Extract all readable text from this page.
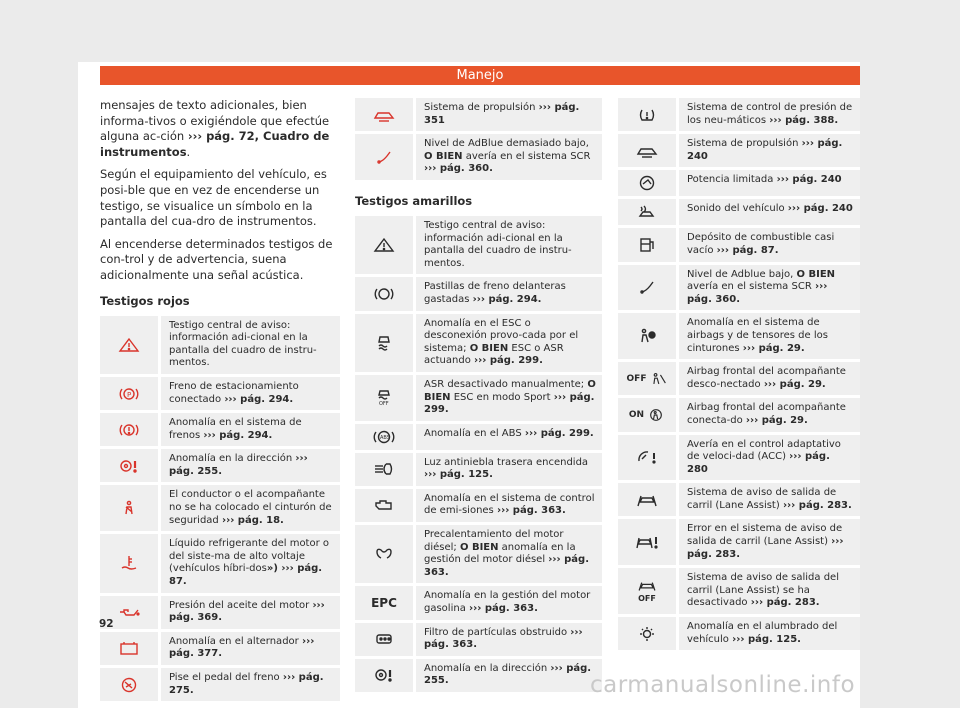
Manejo

mensajes de texto adicionales, bien informa-tivos o exigiéndole que efectúe alguna ac-ción ››› pág. 72, Cuadro de instrumentos.

Según el equipamiento del vehículo, es posi-ble que en vez de encenderse un testigo, se visualice un símbolo en la pantalla del cua-dro de instrumentos.

Al encenderse determinados testigos de con-trol y de advertencia, suena adicionalmente una señal acústica.

Testigos rojos

Testigo central de aviso: información adi-cional en la pantalla del cuadro de instru-mentos.
P
Freno de estacionamiento conectado ››› pág. 294.
Anomalía en el sistema de frenos ››› pág. 294.
Anomalía en la dirección ››› pág. 255.
El conductor o el acompañante no se ha colocado el cinturón de seguridad ››› pág. 18.
Líquido refrigerante del motor o del siste-ma de alto voltaje (vehículos híbri-dos») ››› pág. 87.
Presión del aceite del motor ››› pág. 369.
Anomalía en el alternador ››› pág. 377.
Pise el pedal del freno ››› pág. 275.
Sistema de propulsión ››› pág. 351
Nivel de AdBlue demasiado bajo, O BIEN avería en el sistema SCR ››› pág. 360.

Testigos amarillos

Testigo central de aviso: información adi-cional en la pantalla del cuadro de instru-mentos.
Pastillas de freno delanteras gastadas ››› pág. 294.
Anomalía en el ESC o desconexión provo-cada por el sistema; O BIEN ESC o ASR actuando ››› pág. 299.
OFF
ASR desactivado manualmente; O BIEN ESC en modo Sport ››› pág. 299.
ABS	Anomalía en el ABS ››› pág. 299.
Luz antiniebla trasera encendida ››› pág. 125.
Anomalía en el sistema de control de emi-siones ››› pág. 363.
Precalentamiento del motor diésel; O BIEN anomalía en la gestión del motor diésel ››› pág. 363.
EPC
Anomalía en la gestión del motor gasolina ››› pág. 363.
Filtro de partículas obstruido ››› pág. 363.
Anomalía en la dirección ››› pág. 255.
Sistema de control de presión de los neu-máticos ››› pág. 388.
Sistema de propulsión ››› pág. 240
Potencia limitada ››› pág. 240
Sonido del vehículo ››› pág. 240
Depósito de combustible casi vacío ››› pág. 87.
Nivel de Adblue bajo, O BIEN avería en el sistema SCR ››› pág. 360.
Anomalía en el sistema de airbags y de tensores de los cinturones ››› pág. 29.
OFF
Airbag frontal del acompañante desco-nectado ››› pág. 29.
ON
Airbag frontal del acompañante conecta-do ››› pág. 29.
Avería en el control adaptativo de veloci-dad (ACC) ››› pág. 280
Sistema de aviso de salida de carril (Lane Assist) ››› pág. 283.
Error en el sistema de aviso de salida de carril (Lane Assist) ››› pág. 283.
OFF
Sistema de aviso de salida del carril (Lane Assist) se ha desactivado ››› pág. 283.
Anomalía en el alumbrado del vehículo ››› pág. 125.
92
carmanualsonline.info
